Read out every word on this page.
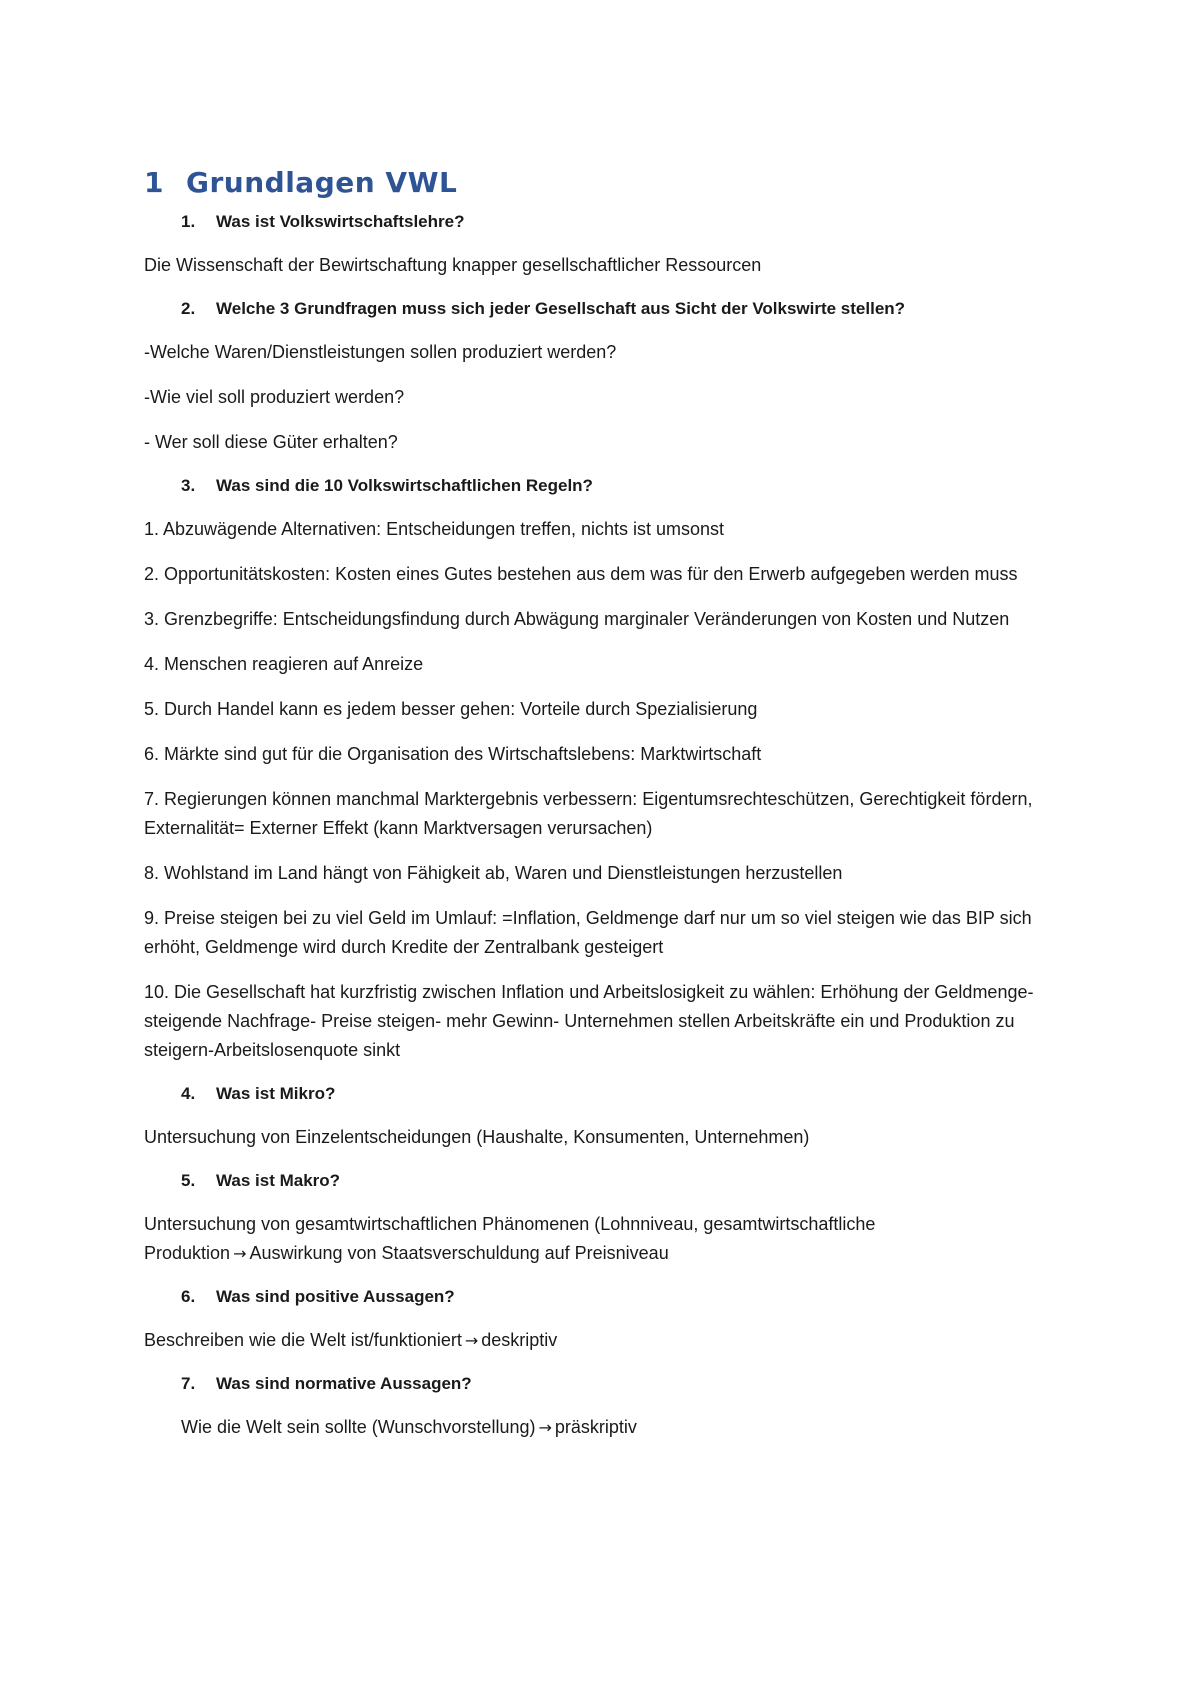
1 Grundlagen VWL
1.	Was ist Volkswirtschaftslehre?

Die Wissenschaft der Bewirtschaftung knapper gesellschaftlicher Ressourcen

2.	Welche 3 Grundfragen muss sich jeder Gesellschaft aus Sicht der Volkswirte stellen?

-Welche Waren/Dienstleistungen sollen produziert werden?

-Wie viel soll produziert werden?

- Wer soll diese Güter erhalten?

3.	Was sind die 10 Volkswirtschaftlichen Regeln?

1. Abzuwägende Alternativen: Entscheidungen treffen, nichts ist umsonst

2. Opportunitätskosten: Kosten eines Gutes bestehen aus dem was für den Erwerb aufgegeben werden muss

3. Grenzbegriffe: Entscheidungsfindung durch Abwägung marginaler Veränderungen von Kosten und Nutzen

4. Menschen reagieren auf Anreize

5. Durch Handel kann es jedem besser gehen: Vorteile durch Spezialisierung

6. Märkte sind gut für die Organisation des Wirtschaftslebens: Marktwirtschaft

7. Regierungen können manchmal Marktergebnis verbessern: Eigentumsrechteschützen, Gerechtigkeit fördern, Externalität= Externer Effekt (kann Marktversagen verursachen)

8. Wohlstand im Land hängt von Fähigkeit ab, Waren und Dienstleistungen herzustellen

9. Preise steigen bei zu viel Geld im Umlauf: =Inflation, Geldmenge darf nur um so viel steigen wie das BIP sich erhöht, Geldmenge wird durch Kredite der Zentralbank gesteigert

10. Die Gesellschaft hat kurzfristig zwischen Inflation und Arbeitslosigkeit zu wählen: Erhöhung der Geldmenge- steigende Nachfrage- Preise steigen- mehr Gewinn- Unternehmen stellen Arbeitskräfte ein und Produktion zu steigern-Arbeitslosenquote sinkt

4.	Was ist Mikro?

Untersuchung von Einzelentscheidungen (Haushalte, Konsumenten, Unternehmen)

5.	Was ist Makro?

Untersuchung von gesamtwirtschaftlichen Phänomenen (Lohnniveau, gesamtwirtschaftliche Produktion → Auswirkung von Staatsverschuldung auf Preisniveau

6.	Was sind positive Aussagen?

Beschreiben wie die Welt ist/funktioniert → deskriptiv

7.	Was sind normative Aussagen?

Wie die Welt sein sollte (Wunschvorstellung) → präskriptiv
